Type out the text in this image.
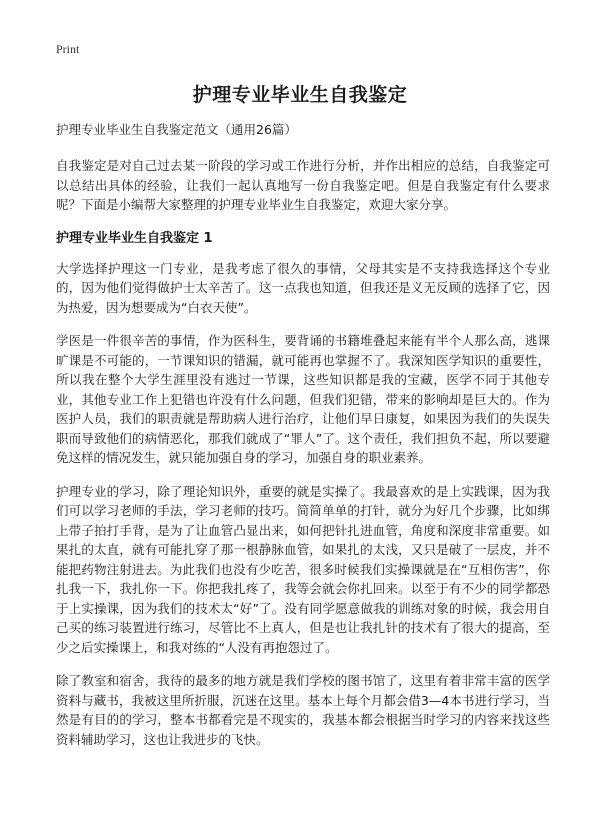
Print
护理专业毕业生自我鉴定

护理专业毕业生自我鉴定范文（通用26篇）

自我鉴定是对自己过去某一阶段的学习或工作进行分析，并作出相应的总结，自我鉴定可以总结出具体的经验，让我们一起认真地写一份自我鉴定吧。但是自我鉴定有什么要求呢？下面是小编帮大家整理的护理专业毕业生自我鉴定，欢迎大家分享。

护理专业毕业生自我鉴定 1

大学选择护理这一门专业，是我考虑了很久的事情，父母其实是不支持我选择这个专业的，因为他们觉得做护士太辛苦了。这一点我也知道，但我还是义无反顾的选择了它，因为热爱，因为想要成为“白衣天使”。

学医是一件很辛苦的事情，作为医科生，要背诵的书籍堆叠起来能有半个人那么高，逃课旷课是不可能的，一节课知识的错漏，就可能再也掌握不了。我深知医学知识的重要性，所以我在整个大学生涯里没有逃过一节课，这些知识都是我的宝藏，医学不同于其他专业，其他专业工作上犯错也许没有什么问题，但我们犯错，带来的影响却是巨大的。作为医护人员，我们的职责就是帮助病人进行治疗，让他们早日康复，如果因为我们的失误失职而导致他们的病情恶化，那我们就成了“罪人”了。这个责任，我们担负不起，所以要避免这样的情况发生，就只能加强自身的学习，加强自身的职业素养。

护理专业的学习，除了理论知识外，重要的就是实操了。我最喜欢的是上实践课，因为我们可以学习老师的手法，学习老师的技巧。简简单单的打针，就分为好几个步骤，比如绑上带子拍打手背，是为了让血管凸显出来，如何把针扎进血管，角度和深度非常重要。如果扎的太直，就有可能扎穿了那一根静脉血管，如果扎的太浅，又只是破了一层皮，并不能把药物注射进去。为此我们也没有少吃苦，很多时候我们实操课就是在“互相伤害”，你扎我一下，我扎你一下。你把我扎疼了，我等会就会你扎回来。以至于有不少的同学都恐于上实操课，因为我们的技术太“好”了。没有同学愿意做我的训练对象的时候，我会用自己买的练习装置进行练习，尽管比不上真人，但是也让我扎针的技术有了很大的提高，至少之后实操课上，和我对练的“人没有再抱怨过了。

除了教室和宿舍，我待的最多的地方就是我们学校的图书馆了，这里有着非常丰富的医学资料与藏书，我被这里所折服，沉迷在这里。基本上每个月都会借3—4本书进行学习，当然是有目的的学习，整本书都看完是不现实的，我基本都会根据当时学习的内容来找这些资料辅助学习，这也让我进步的飞快。
